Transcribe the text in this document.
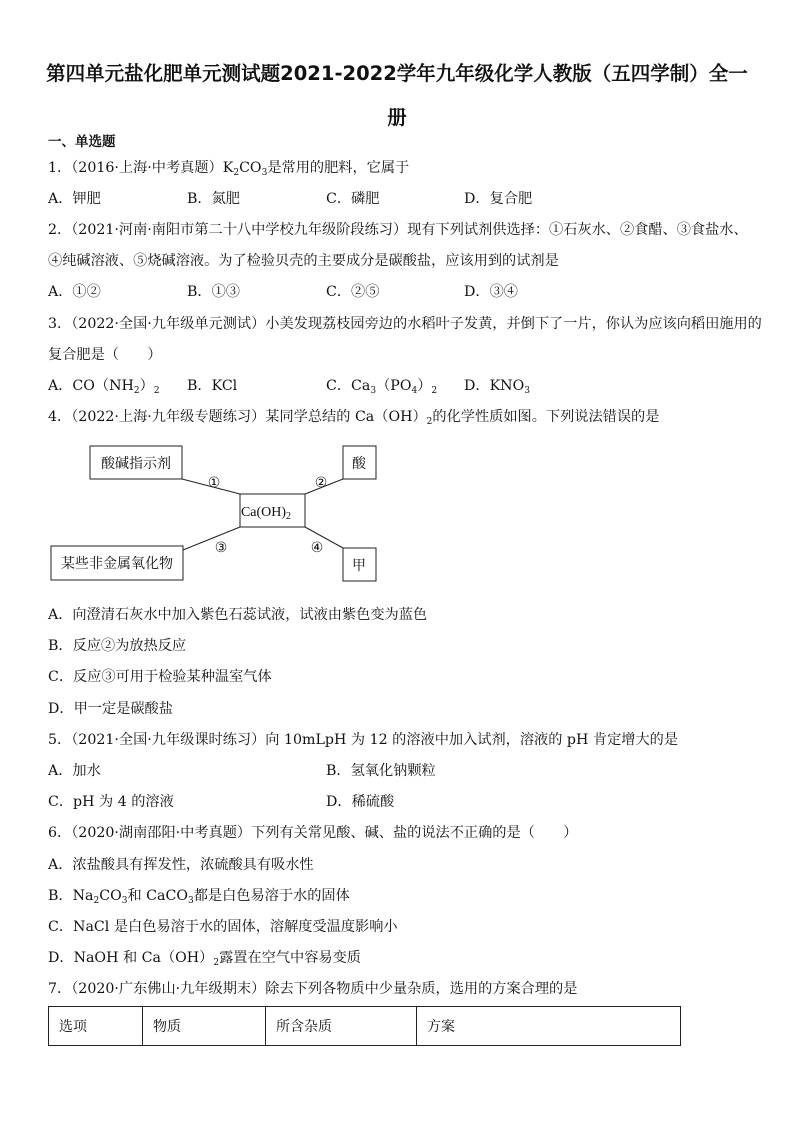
第四单元盐化肥单元测试题2021-2022学年九年级化学人教版（五四学制）全一册
一、单选题
1．（2016·上海·中考真题）$K_2CO_3$是常用的肥料，它属于
A．钾肥	B．氮肥	C．磷肥	D．复合肥
2．（2021·河南·南阳市第二十八中学校九年级阶段练习）现有下列试剂供选择：①石灰水、②食醋、③食盐水、
④纯碱溶液、⑤烧碱溶液。为了检验贝壳的主要成分是碳酸盐，应该用到的试剂是
A．①②	B．①③	C．②⑤	D．③④
3．（2022·全国·九年级单元测试）小美发现荔枝园旁边的水稻叶子发黄，并倒下了一片，你认为应该向稻田施用的
复合肥是（　　）
A．$CO(NH_2)_2$ B．KCl	C．$Ca_3(PO_4)_2$ D．$KNO_3$
4．（2022·上海·九年级专题练习）某同学总结的 $Ca(OH)_2$的化学性质如图。下列说法错误的是
酸碱指示剂	酸
$Ca(OH)_2$
某些非金属氧化物	甲
①	②
③	④
A．向澄清石灰水中加入紫色石蕊试液，试液由紫色变为蓝色
B．反应②为放热反应
C．反应③可用于检验某种温室气体
D．甲一定是碳酸盐
5．（2021·全国·九年级课时练习）向 10mLpH 为 12 的溶液中加入试剂，溶液的 pH 肯定增大的是
A．加水	B．氢氧化钠颗粒
C．pH 为 4 的溶液	D．稀硫酸
6．（2020·湖南邵阳·中考真题）下列有关常见酸、碱、盐的说法不正确的是（　　）
A．浓盐酸具有挥发性，浓硫酸具有吸水性
B．$Na_2CO_3$和 CaCO$_3$都是白色易溶于水的固体
C．NaCl 是白色易溶于水的固体，溶解度受温度影响小
D．NaOH 和 $Ca(OH)_2$露置在空气中容易变质
7．（2020·广东佛山·九年级期末）除去下列各物质中少量杂质，选用的方案合理的是
选项	物质	所含杂质	方案
